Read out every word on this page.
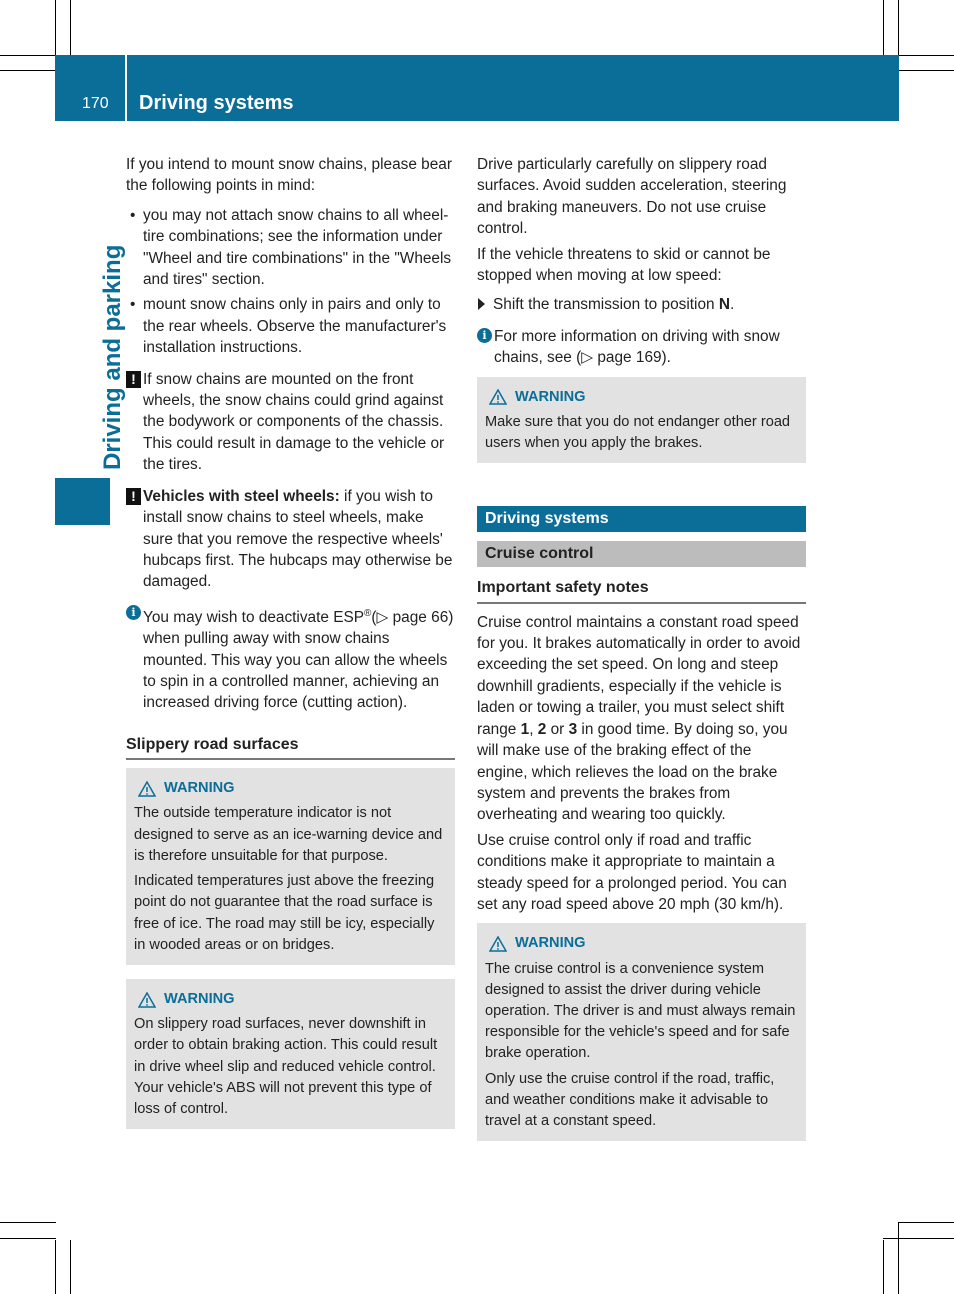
170 Driving systems
Driving and parking

If you intend to mount snow chains, please bear the following points in mind:

• you may not attach snow chains to all wheel-tire combinations; see the information under "Wheel and tire combinations" in the "Wheels and tires" section.
• mount snow chains only in pairs and only to the rear wheels. Observe the manufacturer's installation instructions.
! If snow chains are mounted on the front wheels, the snow chains could grind against the bodywork or components of the chassis. This could result in damage to the vehicle or the tires.
! Vehicles with steel wheels: if you wish to install snow chains to steel wheels, make sure that you remove the respective wheels' hubcaps first. The hubcaps may otherwise be damaged.
i You may wish to deactivate ESP®(▷ page 66) when pulling away with snow chains mounted. This way you can allow the wheels to spin in a controlled manner, achieving an increased driving force (cutting action).
Slippery road surfaces
WARNING

The outside temperature indicator is not designed to serve as an ice-warning device and is therefore unsuitable for that purpose.

Indicated temperatures just above the freezing point do not guarantee that the road surface is free of ice. The road may still be icy, especially in wooded areas or on bridges.

WARNING

On slippery road surfaces, never downshift in order to obtain braking action. This could result in drive wheel slip and reduced vehicle control. Your vehicle's ABS will not prevent this type of loss of control.

Drive particularly carefully on slippery road surfaces. Avoid sudden acceleration, steering and braking maneuvers. Do not use cruise control.

If the vehicle threatens to skid or cannot be stopped when moving at low speed:

Shift the transmission to position N.
i For more information on driving with snow chains, see (▷ page 169).
WARNING

Make sure that you do not endanger other road users when you apply the brakes.

Driving systems
Cruise control
Important safety notes

Cruise control maintains a constant road speed for you. It brakes automatically in order to avoid exceeding the set speed. On long and steep downhill gradients, especially if the vehicle is laden or towing a trailer, you must select shift range 1, 2 or 3 in good time. By doing so, you will make use of the braking effect of the engine, which relieves the load on the brake system and prevents the brakes from overheating and wearing too quickly.

Use cruise control only if road and traffic conditions make it appropriate to maintain a steady speed for a prolonged period. You can set any road speed above 20 mph (30 km/h).

WARNING

The cruise control is a convenience system designed to assist the driver during vehicle operation. The driver is and must always remain responsible for the vehicle's speed and for safe brake operation.

Only use the cruise control if the road, traffic, and weather conditions make it advisable to travel at a constant speed.
